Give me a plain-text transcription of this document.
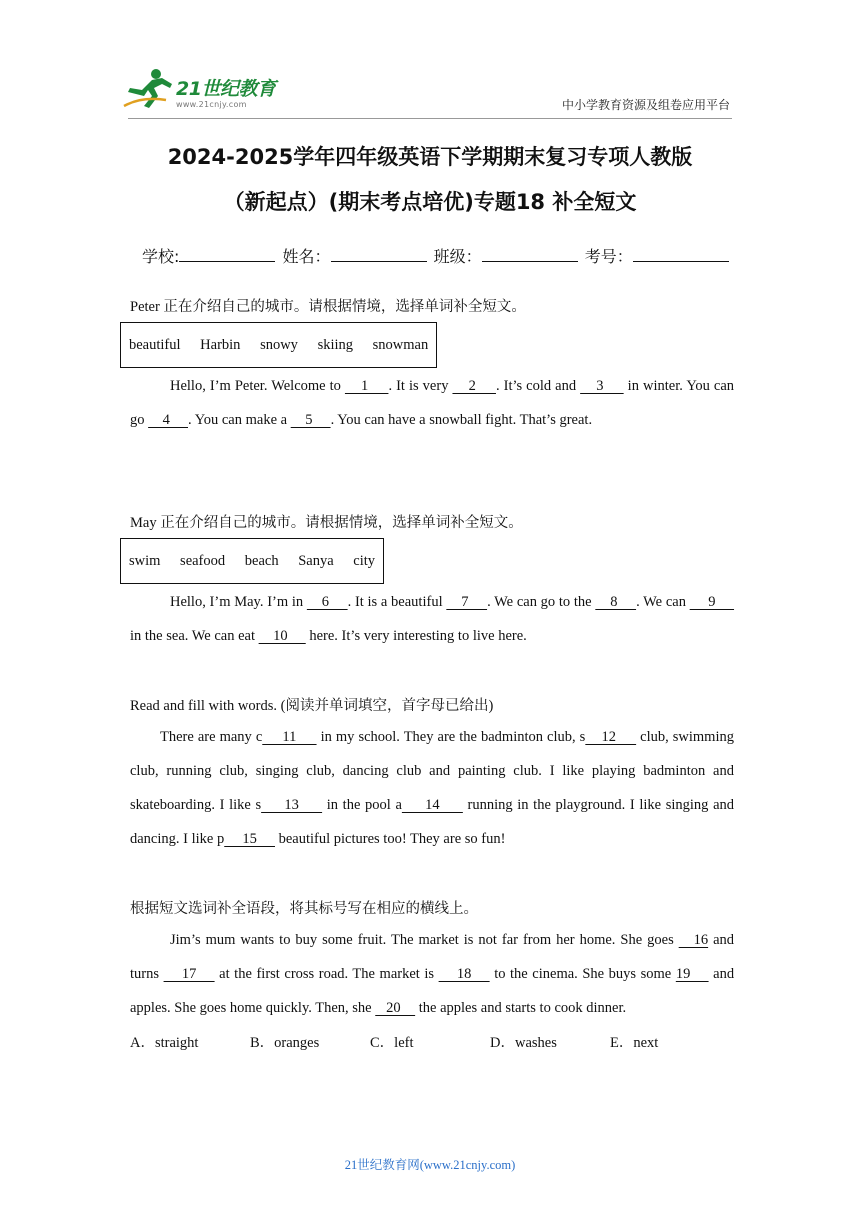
21世纪教育
www.21cnjy.com	中小学教育资源及组卷应用平台
2024-2025学年四年级英语下学期期末复习专项人教版
（新起点）(期末考点培优)专题18 补全短文
学校:	姓名：	班级：	考号：
Peter 正在介绍自己的城市。请根据情境，选择单词补全短文。
beautiful Harbin snowy skiing snowman
Hello, I’m Peter. Welcome to     1     . It is very     2     . It’s cold and     3      in winter. You can go     4     . You can make a     5     . You can have a snowball fight. That’s great.
May 正在介绍自己的城市。请根据情境，选择单词补全短文。
swim seafood beach Sanya city
Hello, I’m May. I’m in     6     . It is a beautiful     7     . We can go to the     8     . We can      9      in the sea. We can eat     10      here. It’s very interesting to live here.
Read and fill with words. (阅读并单词填空，首字母已给出)
There are many c     11      in my school. They are the badminton club, s    12      club, swimming club, running club, singing club, dancing club and painting club. I like playing badminton and skateboarding. I like s     13      in the pool a     14      running in the playground. I like singing and dancing. I like p     15      beautiful pictures too! They are so fun!
根据短文选词补全语段，将其标号写在相应的横线上。
Jim’s mum wants to buy some fruit. The market is not far from her home. She goes    16 and turns     17     at the first cross road. The market is     18     to the cinema. She buys some 19     and apples. She goes home quickly. Then, she    20     the apples and starts to cook dinner.
A．straight	B．oranges	C．left	D．washes	E．next
21世纪教育网(www.21cnjy.com)
